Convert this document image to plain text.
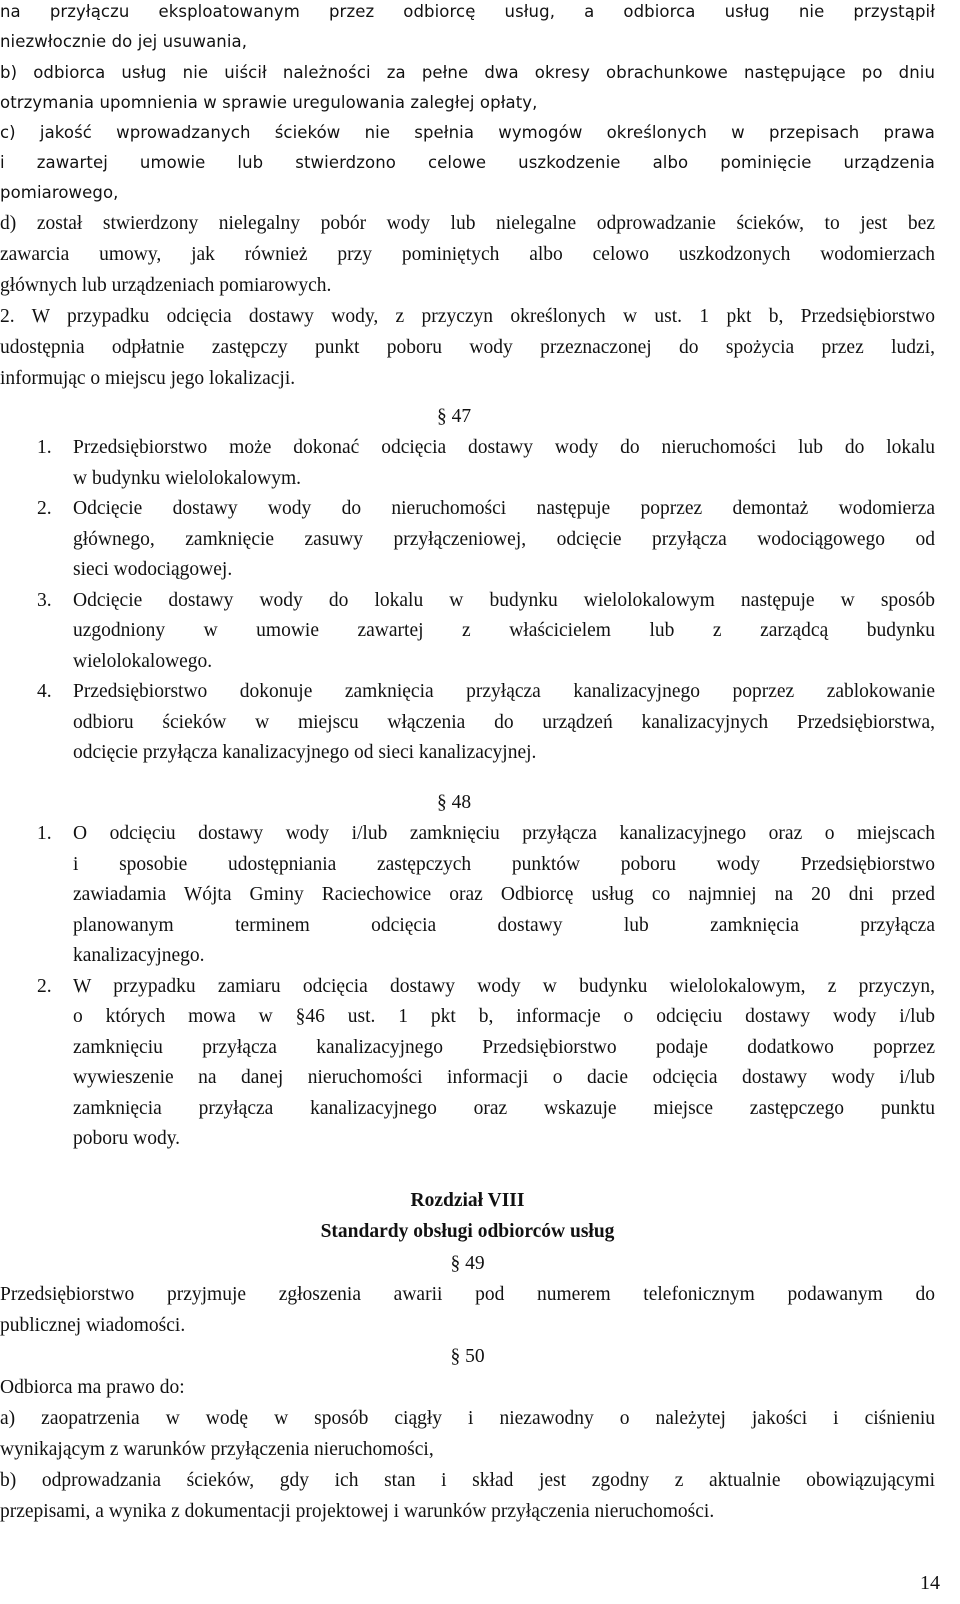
na przyłączu eksploatowanym przez odbiorcę usług, a odbiorca usług nie przystąpił
niezwłocznie do jej usuwania,
b) odbiorca usług nie uiścił należności za pełne dwa okresy obrachunkowe następujące po dniu
otrzymania upomnienia w sprawie uregulowania zaległej opłaty,
c) jakość wprowadzanych ścieków nie spełnia wymogów określonych w przepisach prawa
i zawartej umowie lub stwierdzono celowe uszkodzenie albo pominięcie urządzenia
pomiarowego,
d) został stwierdzony nielegalny pobór wody lub nielegalne odprowadzanie ścieków, to jest bez
zawarcia umowy, jak również przy pominiętych albo celowo uszkodzonych wodomierzach
głównych lub urządzeniach pomiarowych.
2. W przypadku odcięcia dostawy wody, z przyczyn określonych w ust. 1 pkt b, Przedsiębiorstwo
udostępnia odpłatnie zastępczy punkt poboru wody przeznaczonej do spożycia przez ludzi,
informując o miejscu jego lokalizacji.
Rozdział VIII
Standardy obsługi odbiorców usług
§ 49
Przedsiębiorstwo przyjmuje zgłoszenia awarii pod numerem telefonicznym podawanym do
publicznej wiadomości.
§ 50
Odbiorca ma prawo do:
a) zaopatrzenia w wodę w sposób ciągły i niezawodny o należytej jakości i ciśnieniu
wynikającym z warunków przyłączenia nieruchomości,
b) odprowadzania ścieków, gdy ich stan i skład jest zgodny z aktualnie obowiązującymi
przepisami, a wynika z dokumentacji projektowej i warunków przyłączenia nieruchomości.
14
§ 47
1. Przedsiębiorstwo może dokonać odcięcia dostawy wody do nieruchomości lub do lokalu
w budynku wielolokalowym.
2. Odcięcie dostawy wody do nieruchomości następuje poprzez demontaż wodomierza
głównego, zamknięcie zasuwy przyłączeniowej, odcięcie przyłącza wodociągowego od
sieci wodociągowej.
3. Odcięcie dostawy wody do lokalu w budynku wielolokalowym następuje w sposób
uzgodniony w umowie zawartej z właścicielem lub z zarządcą budynku
wielolokalowego.
4. Przedsiębiorstwo dokonuje zamknięcia przyłącza kanalizacyjnego poprzez zablokowanie
odbioru ścieków w miejscu włączenia do urządzeń kanalizacyjnych Przedsiębiorstwa,
odcięcie przyłącza kanalizacyjnego od sieci kanalizacyjnej.
§ 48
1. O odcięciu dostawy wody i/lub zamknięciu przyłącza kanalizacyjnego oraz o miejscach
i sposobie udostępniania zastępczych punktów poboru wody Przedsiębiorstwo
zawiadamia Wójta Gminy Raciechowice oraz Odbiorcę usług co najmniej na 20 dni przed
planowanym terminem odcięcia dostawy lub zamknięcia przyłącza
kanalizacyjnego.
2. W przypadku zamiaru odcięcia dostawy wody w budynku wielolokalowym, z przyczyn,
o których mowa w §46 ust. 1 pkt b, informacje o odcięciu dostawy wody i/lub
zamknięciu przyłącza kanalizacyjnego Przedsiębiorstwo podaje dodatkowo poprzez
wywieszenie na danej nieruchomości informacji o dacie odcięcia dostawy wody i/lub
zamknięcia przyłącza kanalizacyjnego oraz wskazuje miejsce zastępczego punktu
poboru wody.
